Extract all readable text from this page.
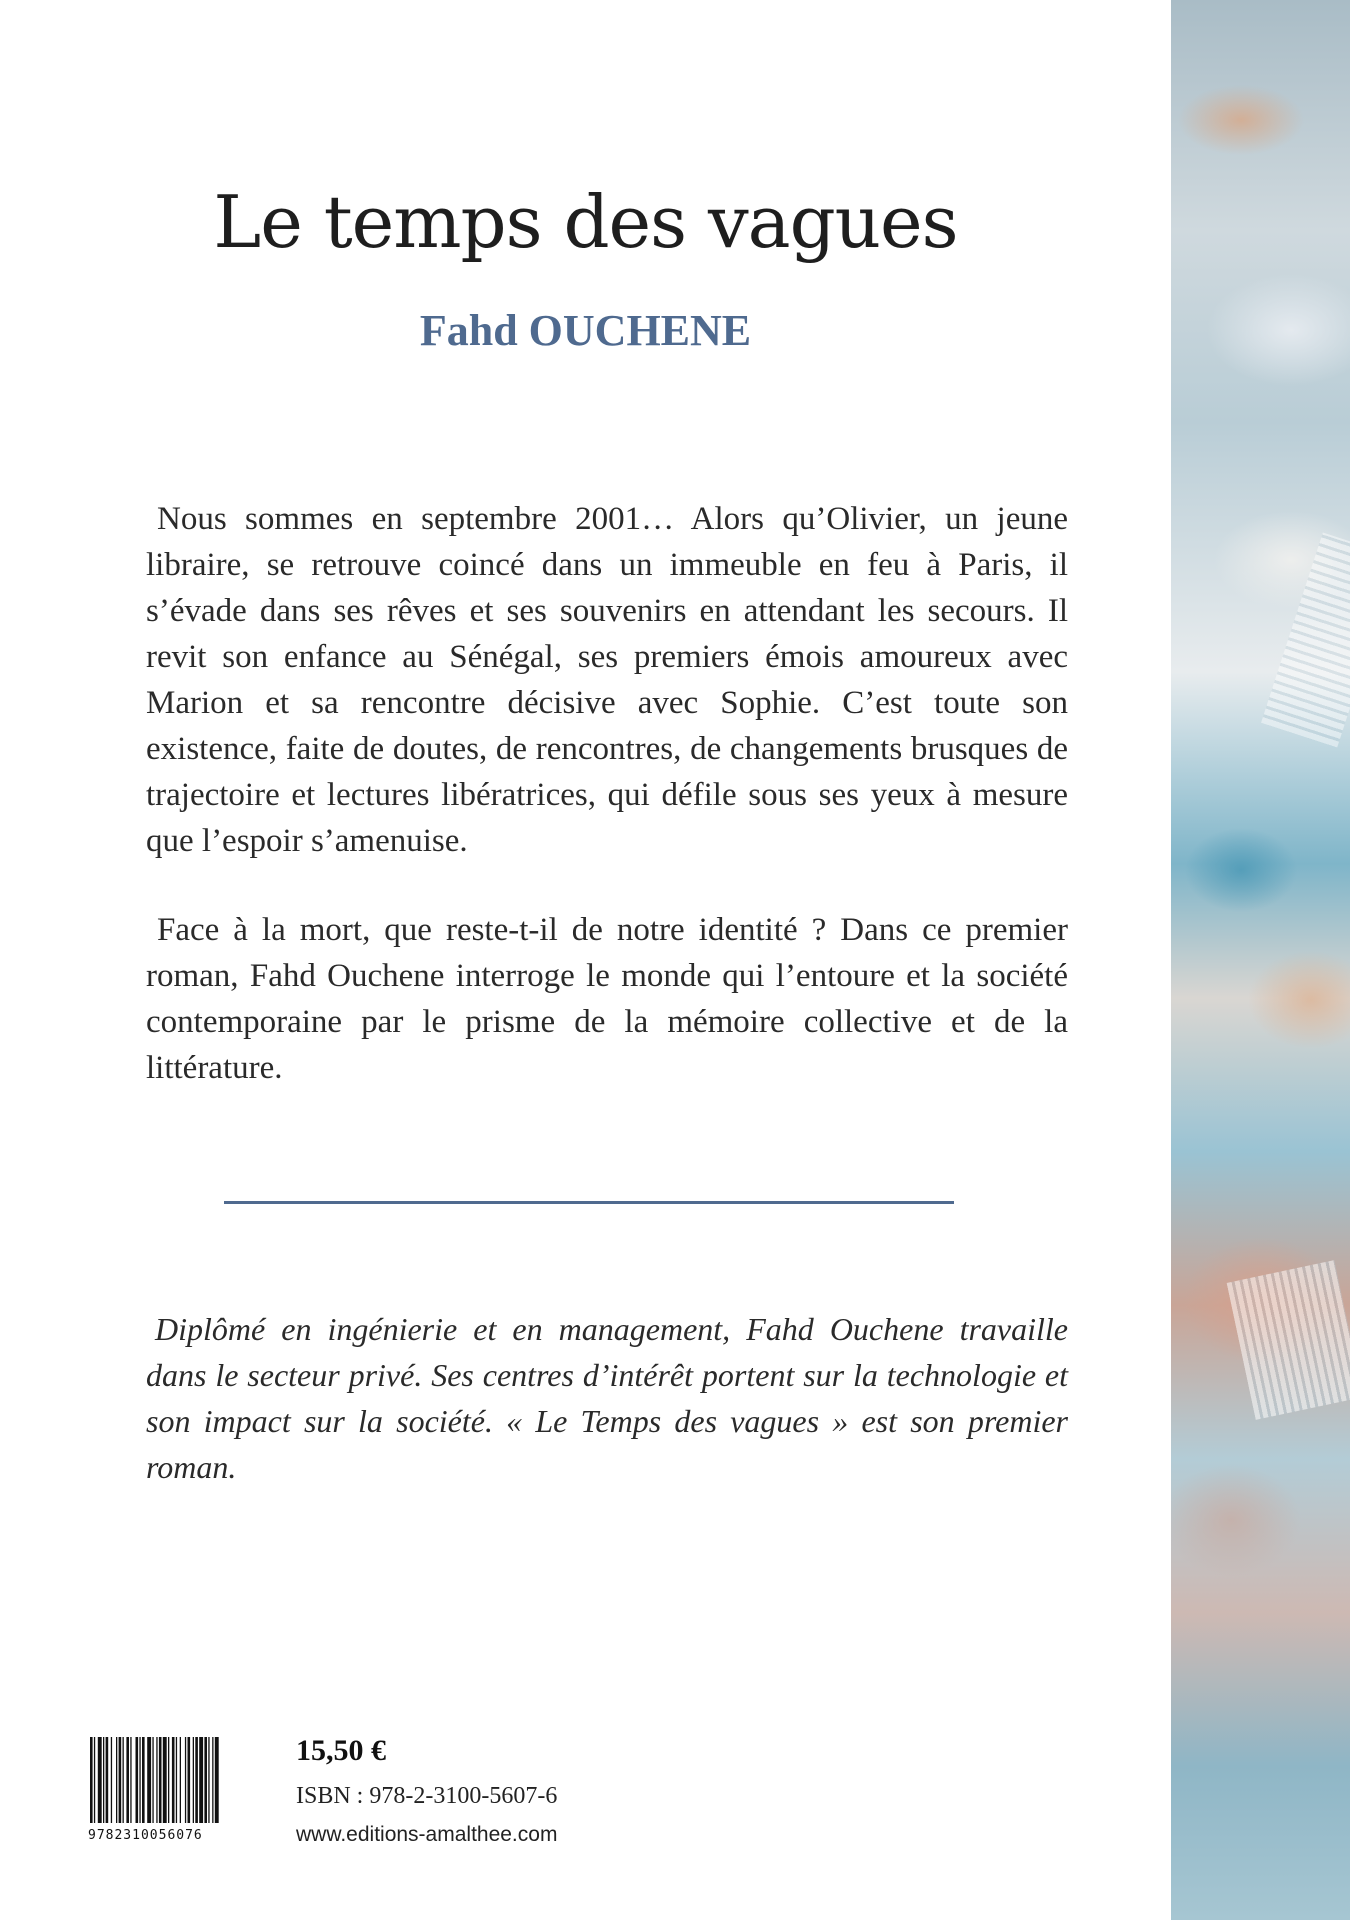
Le temps des vagues
Fahd OUCHENE

Nous sommes en septembre 2001… Alors qu’Olivier, un jeune libraire, se retrouve coincé dans un immeuble en feu à Paris, il s’évade dans ses rêves et ses souvenirs en attendant les secours. Il revit son enfance au Sénégal, ses premiers émois amoureux avec Marion et sa rencontre décisive avec Sophie. C’est toute son existence, faite de doutes, de rencontres, de changements brusques de trajectoire et lectures libératrices, qui défile sous ses yeux à mesure que l’espoir s’amenuise.

Face à la mort, que reste-t-il de notre identité ? Dans ce premier roman, Fahd Ouchene interroge le monde qui l’entoure et la société contemporaine par le prisme de la mémoire collective et de la littérature.

Diplômé en ingénierie et en management, Fahd Ouchene travaille dans le secteur privé. Ses centres d’intérêt portent sur la technologie et son impact sur la société. « Le Temps des vagues » est son premier roman.

9782310056076

15,50 €

ISBN : 978-2-3100-5607-6

www.editions-amalthee.com
